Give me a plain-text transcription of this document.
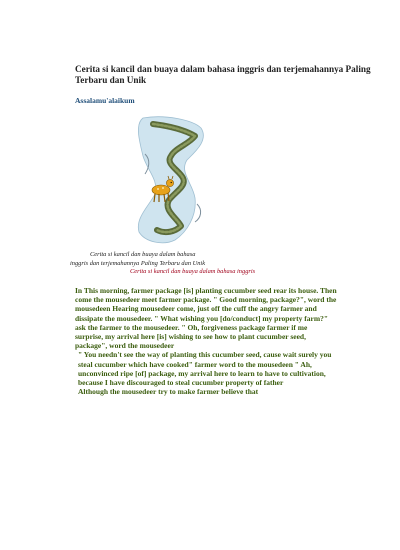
Cerita si kancil dan buaya dalam bahasa inggris dan terjemahannya Paling Terbaru dan Unik
Assalamu'alaikum
Cerita si kancil dan buaya dalam bahasa
inggris dan terjemahannya Paling Terbaru dan Unik
Cerita si kancil dan buaya dalam bahasa inggris

In This morning, farmer package [is] planting cucumber seed rear its house. Then come the mousedeer meet farmer package. " Good morning, package?", word the mousedeen Hearing mousedeer come, just off the cuff the angry farmer and dissipate the mousedeer. " What wishing you [do/conduct] my property farm?" ask the farmer to the mousedeer. " Oh, forgiveness package farmer if me surprise, my arrival here [is] wishing to see how to plant cucumber seed, package", word the mousedeer

" You needn't see the way of planting this cucumber seed, cause wait surely you steal cucumber which have cooked" farmer word to the mousedeen " Ah, unconvinced ripe [of] package, my arrival here to learn to have to cultivation, because I have discouraged to steal cucumber property of father

Although the mousedeer try to make farmer believe that
